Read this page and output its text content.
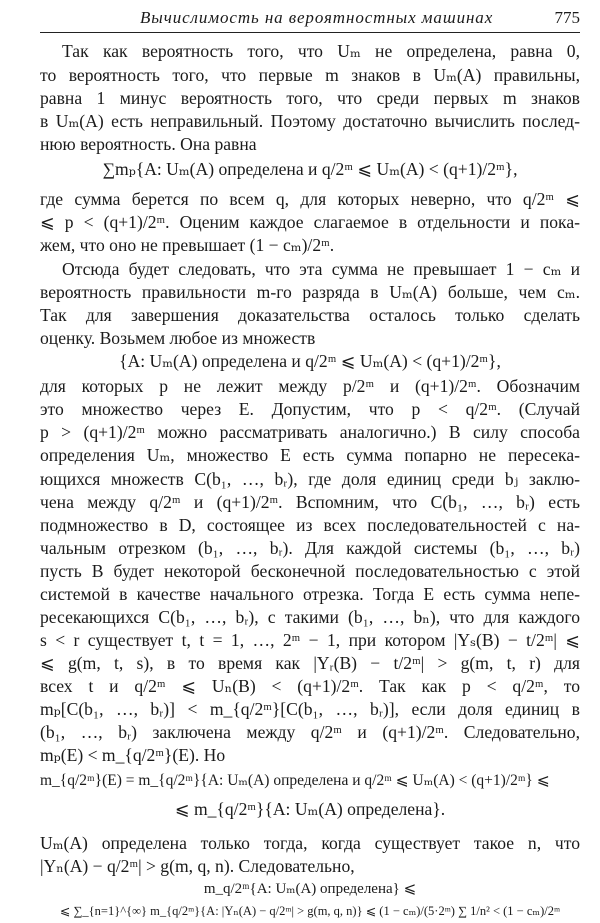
Вычислимость на вероятностных машинах	775
Так как вероятность того, что Uₘ не определена, равна 0,
то вероятность того, что первые m знаков в Uₘ(A) правильны,
равна 1 минус вероятность того, что среди первых m знаков
в Uₘ(A) есть неправильный. Поэтому достаточно вычислить послед-
нюю вероятность. Она равна
∑mₚ{A: Uₘ(A) определена и q/2ᵐ ⩽ Uₘ(A) < (q+1)/2ᵐ},
где сумма берется по всем q, для которых неверно, что q/2ᵐ ⩽
⩽ p < (q+1)/2ᵐ. Оценим каждое слагаемое в отдельности и пока-
жем, что оно не превышает (1 − cₘ)/2ᵐ.
Отсюда будет следовать, что эта сумма не превышает 1 − cₘ и
вероятность правильности m-го разряда в Uₘ(A) больше, чем cₘ.
Так для завершения доказательства осталось только сделать
оценку. Возьмем любое из множеств
{A: Uₘ(A) определена и q/2ᵐ ⩽ Uₘ(A) < (q+1)/2ᵐ},
для которых p не лежит между p/2ᵐ и (q+1)/2ᵐ. Обозначим
это множество через E. Допустим, что p < q/2ᵐ. (Случай
p > (q+1)/2ᵐ можно рассматривать аналогично.) В силу способа
определения Uₘ, множество E есть сумма попарно не пересека-
ющихся множеств C(b₁, …, bᵣ), где доля единиц среди bⱼ заклю-
чена между q/2ᵐ и (q+1)/2ᵐ. Вспомним, что C(b₁, …, bᵣ) есть
подмножество в D, состоящее из всех последовательностей с на-
чальным отрезком (b₁, …, bᵣ). Для каждой системы (b₁, …, bᵣ)
пусть B будет некоторой бесконечной последовательностью с этой
системой в качестве начального отрезка. Тогда E есть сумма непе-
ресекающихся C(b₁, …, bᵣ), с такими (b₁, …, bₙ), что для каждого
s < r существует t, t = 1, …, 2ᵐ − 1, при котором |Yₛ(B) − t/2ᵐ| ⩽
⩽ g(m, t, s), в то время как |Yᵣ(B) − t/2ᵐ| > g(m, t, r) для
всех t и q/2ᵐ ⩽ Uₙ(B) < (q+1)/2ᵐ. Так как p < q/2ᵐ, то
mₚ[C(b₁, …, bᵣ)] < m_{q/2ᵐ}[C(b₁, …, bᵣ)], если доля единиц в
(b₁, …, bᵣ) заключена между q/2ᵐ и (q+1)/2ᵐ. Следовательно,
mₚ(E) < m_{q/2ᵐ}(E). Но
m_{q/2ᵐ}(E) = m_{q/2ᵐ}{A: Uₘ(A) определена и q/2ᵐ ⩽ Uₘ(A) < (q+1)/2ᵐ} ⩽
⩽ m_{q/2ᵐ}{A: Uₘ(A) определена}.
Uₘ(A) определена только тогда, когда существует такое n, что
|Yₙ(A) − q/2ᵐ| > g(m, q, n). Следовательно,
m_q/2ᵐ{A: Uₘ(A) определена} ⩽
⩽ ∑_{n=1}^{∞} m_{q/2ᵐ}{A: |Yₙ(A) − q/2ᵐ| > g(m, q, n)} ⩽ (1 − cₘ)/(5·2ᵐ) ∑ 1/n² < (1 − cₘ)/2ᵐ
